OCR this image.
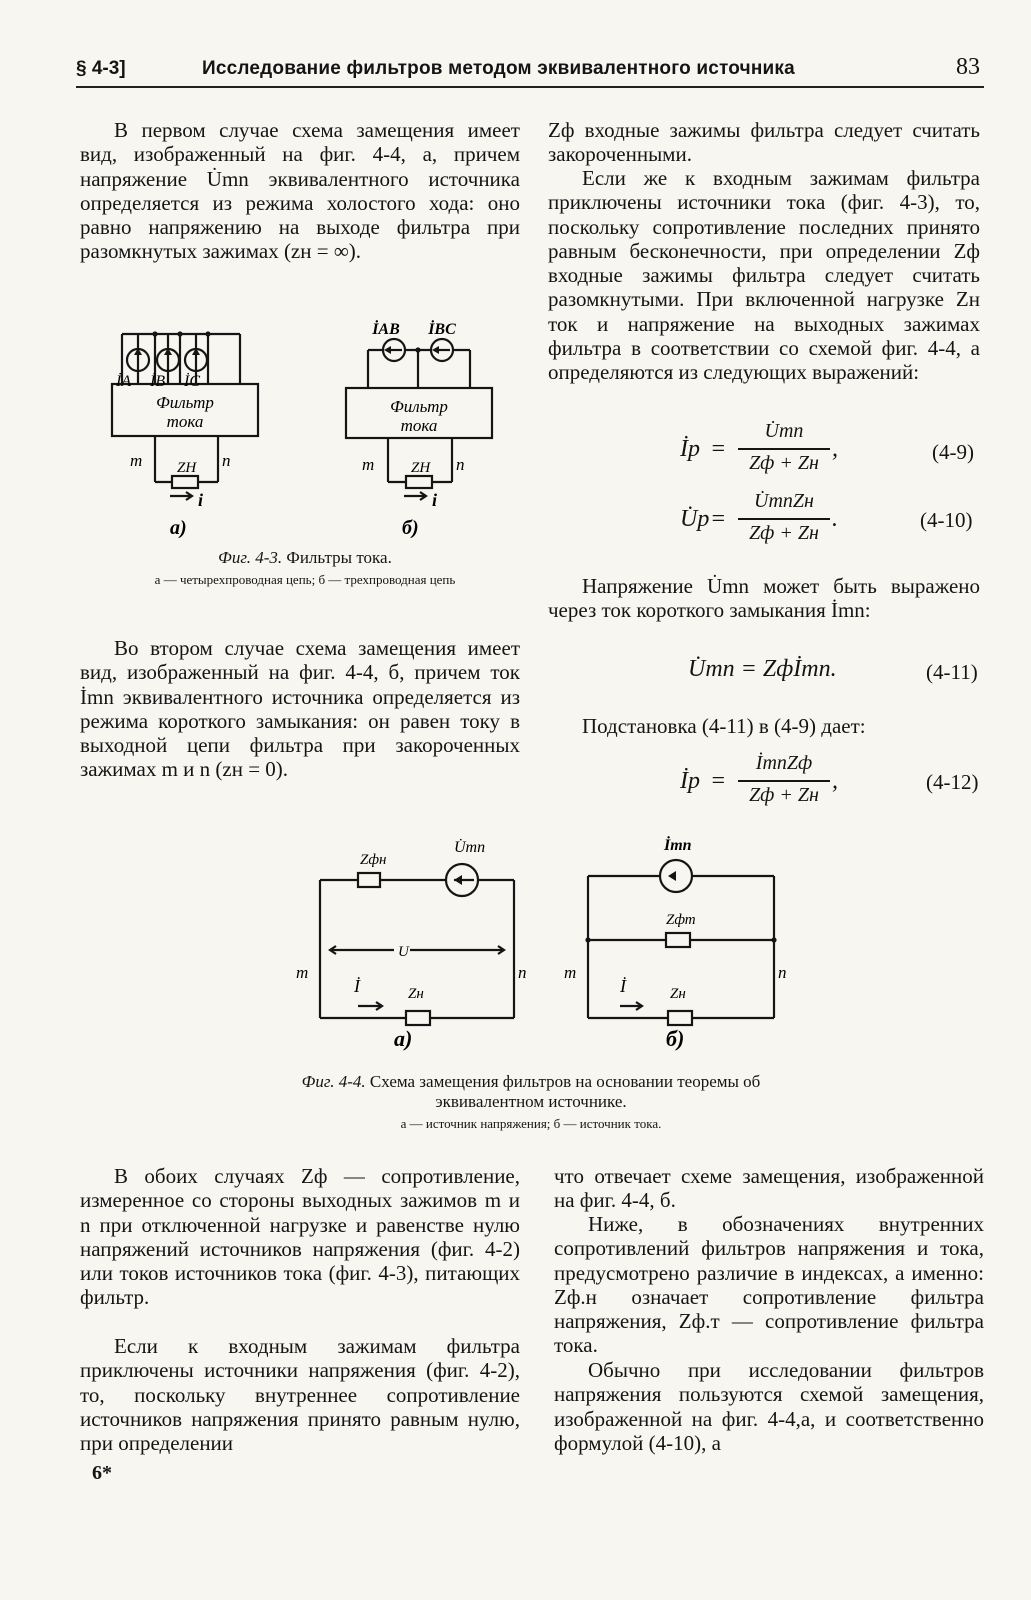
§ 4-3]	Исследование фильтров методом эквивалентного источника	83

В первом случае схема замещения имеет вид, изображенный на фиг. 4-4, а, причем напряжение U̇mn эквивалентного источника определяется из режима холостого хода: оно равно напряжению на выходе фильтра при разомкнутых зажимах (zн = ∞).

Фильтр
тока
Фильтр
тока
İA İB İC
İAB İBC
m	n
ZН
i
m	n
ZН
i
а)	б)
Фиг. 4-3. Фильтры тока.
а — четырехпроводная цепь; б — трехпроводная цепь

Во втором случае схема замещения имеет вид, изображенный на фиг. 4-4, б, причем ток İmn эквивалентного источника определяется из режима короткого замыкания: он равен току в выходной цепи фильтра при закороченных зажимах m и n (zн = 0).

Zф входные зажимы фильтра следует считать закороченными.

Если же к входным зажимам фильтра приключены источники тока (фиг. 4-3), то, поскольку сопротивление последних принято равным бесконечности, при определении Zф входные зажимы фильтра следует считать разомкнутыми. При включенной нагрузке Zн ток и напряжение на выходных зажимах фильтра в соответствии со схемой фиг. 4-4, а определяются из следующих выражений:

İр =
U̇mn
Zф + Zн
,	(4-9)
U̇р =
U̇mnZн
Zф + Zн
.	(4-10)

Напряжение U̇mn может быть выражено через ток короткого замыкания İmn:

U̇mn = Zфİmn.	(4-11)

Подстановка (4-11) в (4-9) дает:

İр =
İmnZф
Zф + Zн
,	(4-12)
Zфн
U̇mn
U
m	n
İ	Zн
а)
İmn
Zфт
m	n
İ	Zн
б)
Фиг. 4-4. Схема замещения фильтров на основании теоремы об эквивалентном источнике.
а — источник напряжения; б — источник тока.

В обоих случаях Zф — сопротивление, измеренное со стороны выходных зажимов m и n при отключенной нагрузке и равенстве нулю напряжений источников напряжения (фиг. 4-2) или токов источников тока (фиг. 4-3), питающих фильтр.

Если к входным зажимам фильтра приключены источники напряжения (фиг. 4-2), то, поскольку внутреннее сопротивление источников напряжения принято равным нулю, при определении

что отвечает схеме замещения, изображенной на фиг. 4-4, б.

Ниже, в обозначениях внутренних сопротивлений фильтров напряжения и тока, предусмотрено различие в индексах, а именно: Zф.н означает сопротивление фильтра напряжения, Zф.т — сопротивление фильтра тока.

Обычно при исследовании фильтров напряжения пользуются схемой замещения, изображенной на фиг. 4-4,а, и соответственно формулой (4-10), а

6*
